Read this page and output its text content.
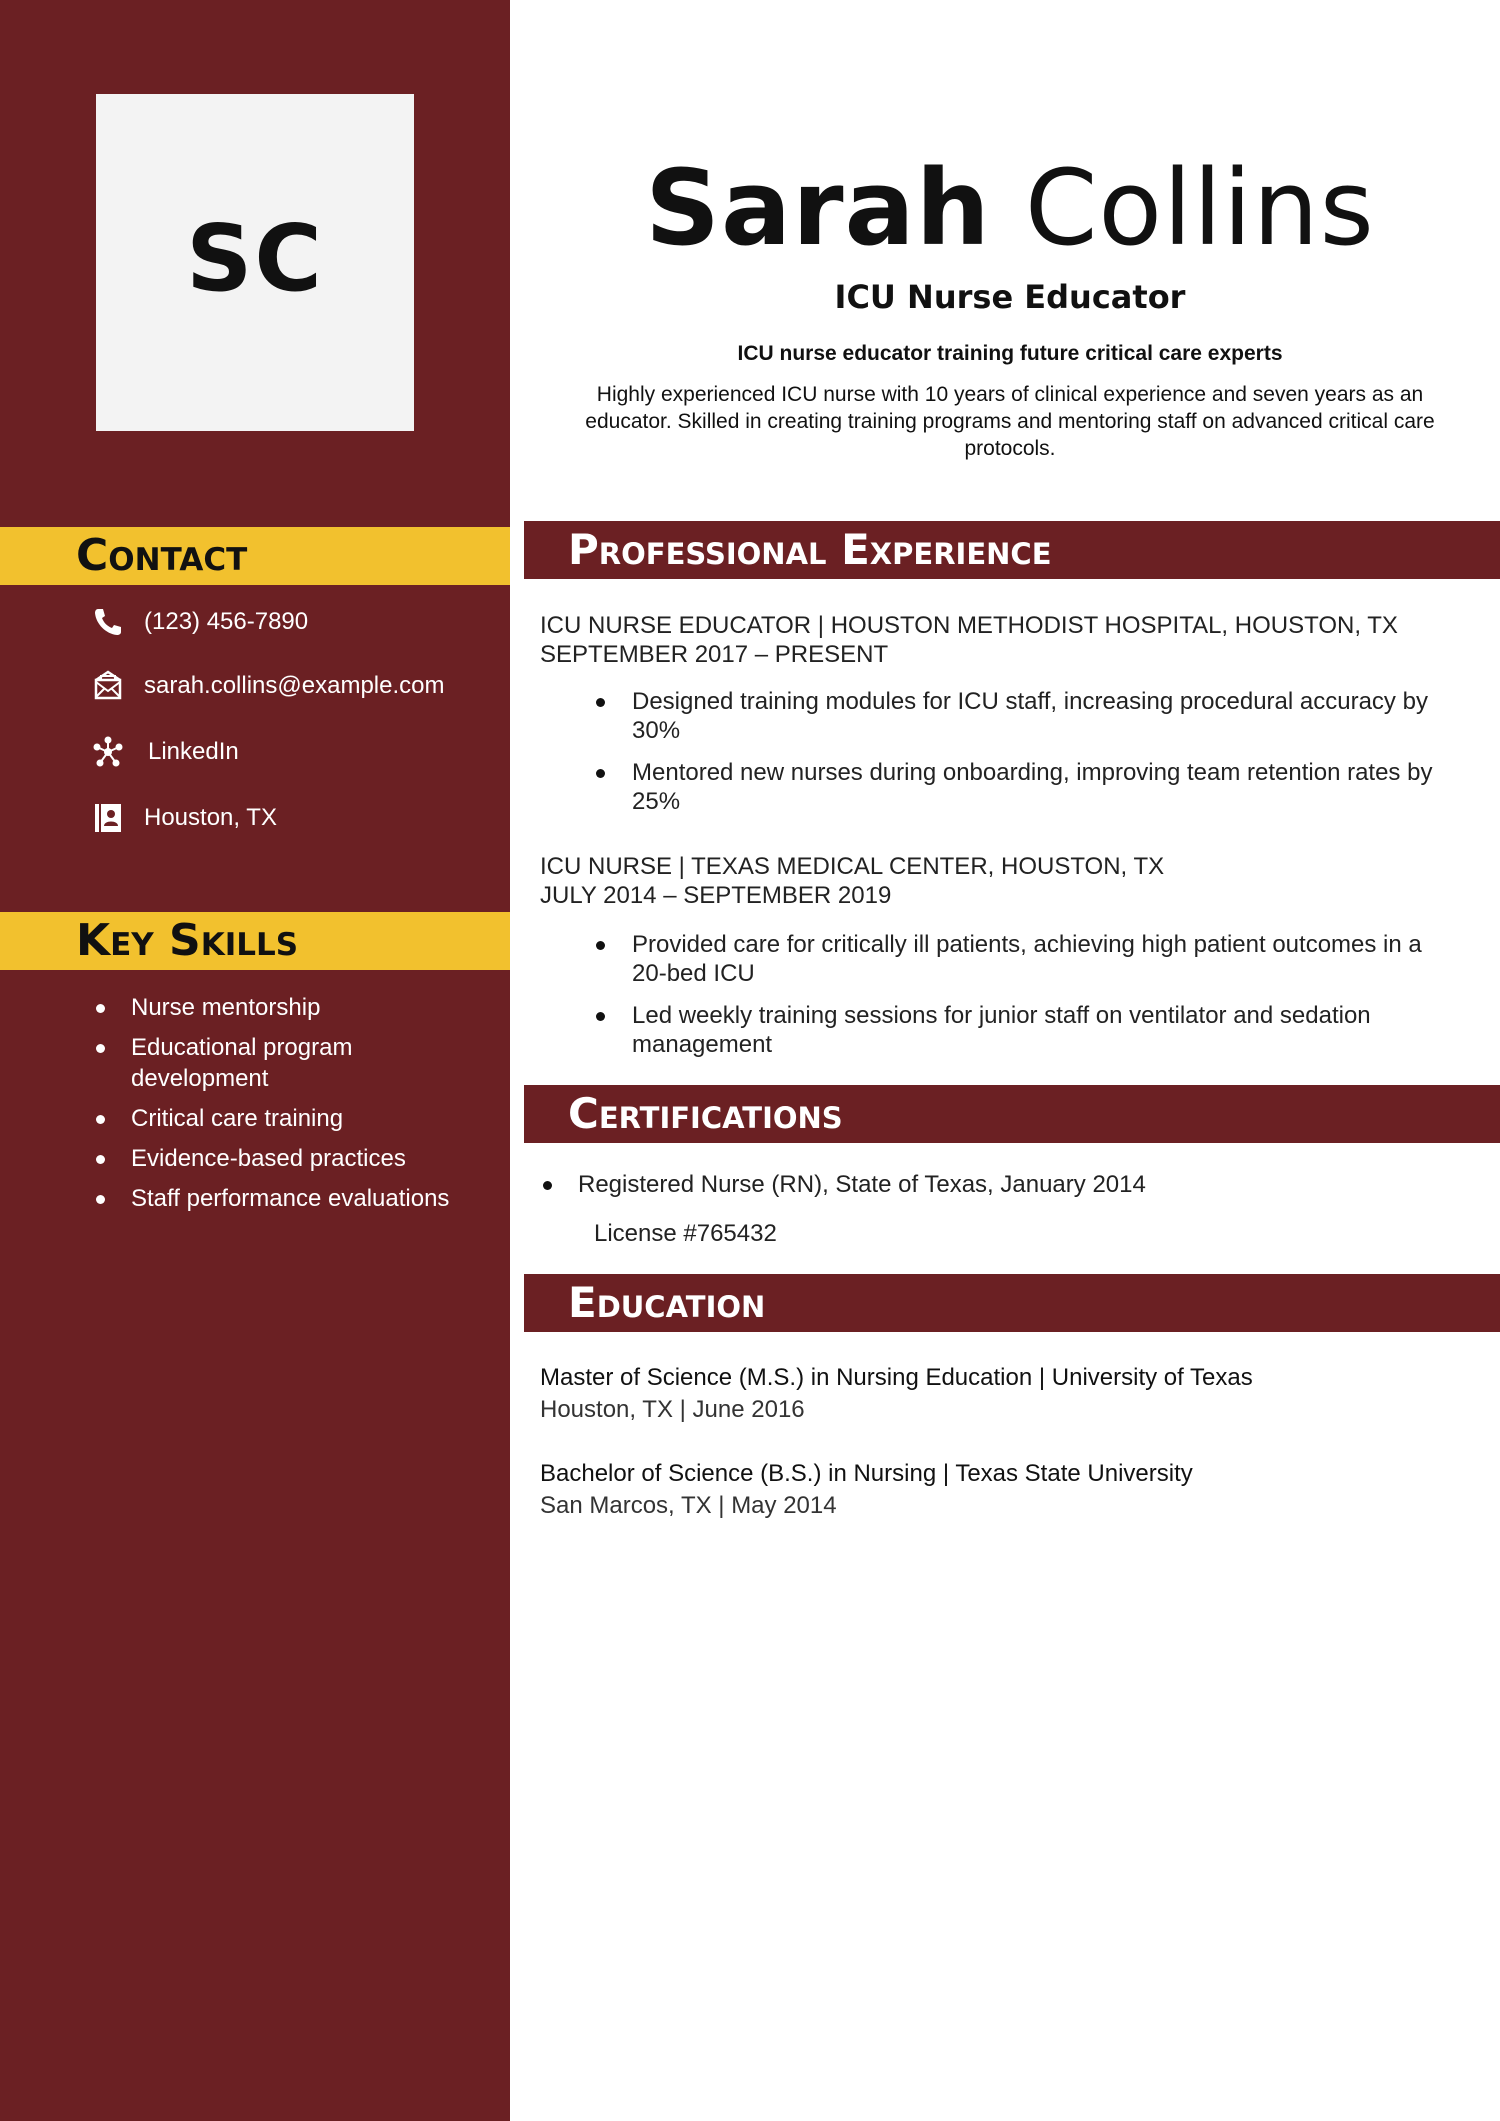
SC
Contact
(123) 456-7890
sarah.collins@example.com
LinkedIn
Houston, TX
Key Skills
Nurse mentorship
Educational program development
Critical care training
Evidence-based practices
Staff performance evaluations
Sarah Collins
ICU Nurse Educator
ICU nurse educator training future critical care experts
Highly experienced ICU nurse with 10 years of clinical experience and seven years as an educator. Skilled in creating training programs and mentoring staff on advanced critical care protocols.
Professional Experience
ICU NURSE EDUCATOR | HOUSTON METHODIST HOSPITAL, HOUSTON, TX
SEPTEMBER 2017 – PRESENT
Designed training modules for ICU staff, increasing procedural accuracy by 30%
Mentored new nurses during onboarding, improving team retention rates by 25%
ICU NURSE | TEXAS MEDICAL CENTER, HOUSTON, TX
JULY 2014 – SEPTEMBER 2019
Provided care for critically ill patients, achieving high patient outcomes in a 20-bed ICU
Led weekly training sessions for junior staff on ventilator and sedation management
Certifications
Registered Nurse (RN), State of Texas, January 2014
License #765432
Education
Master of Science (M.S.) in Nursing Education | University of Texas
Houston, TX | June 2016
Bachelor of Science (B.S.) in Nursing | Texas State University
San Marcos, TX | May 2014
